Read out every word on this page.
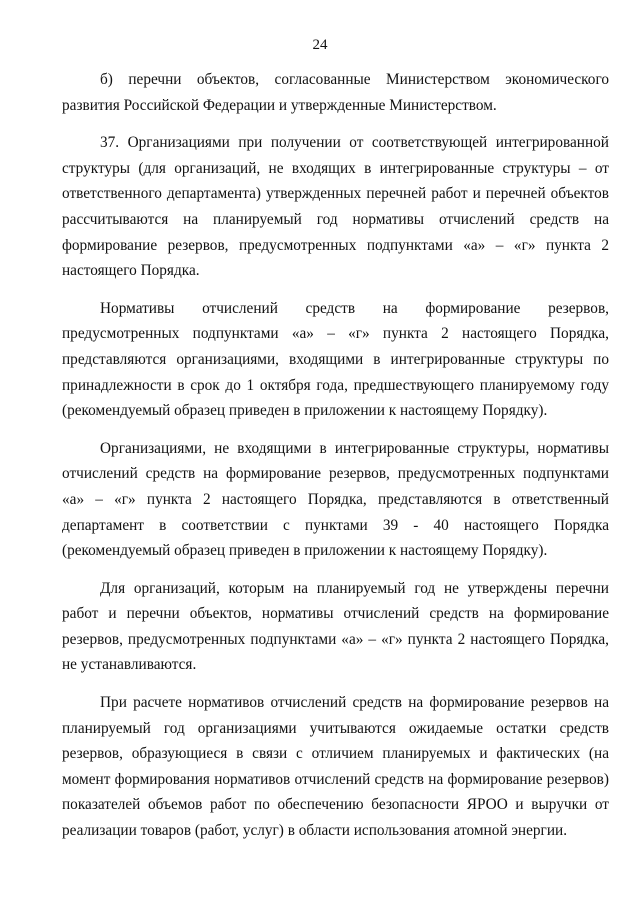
24

б) перечни объектов, согласованные Министерством экономического развития Российской Федерации и утвержденные Министерством.

37. Организациями при получении от соответствующей интегрированной структуры (для организаций, не входящих в интегрированные структуры – от ответственного департамента) утвержденных перечней работ и перечней объектов рассчитываются на планируемый год нормативы отчислений средств на формирование резервов, предусмотренных подпунктами «а» – «г» пункта 2 настоящего Порядка.

Нормативы отчислений средств на формирование резервов, предусмотренных подпунктами «а» – «г» пункта 2 настоящего Порядка, представляются организациями, входящими в интегрированные структуры по принадлежности в срок до 1 октября года, предшествующего планируемому году (рекомендуемый образец приведен в приложении к настоящему Порядку).

Организациями, не входящими в интегрированные структуры, нормативы отчислений средств на формирование резервов, предусмотренных подпунктами «а» – «г» пункта 2 настоящего Порядка, представляются в ответственный департамент в соответствии с пунктами 39 - 40 настоящего Порядка (рекомендуемый образец приведен в приложении к настоящему Порядку).

Для организаций, которым на планируемый год не утверждены перечни работ и перечни объектов, нормативы отчислений средств на формирование резервов, предусмотренных подпунктами «а» – «г» пункта 2 настоящего Порядка, не устанавливаются.

При расчете нормативов отчислений средств на формирование резервов на планируемый год организациями учитываются ожидаемые остатки средств резервов, образующиеся в связи с отличием планируемых и фактических (на момент формирования нормативов отчислений средств на формирование резервов) показателей объемов работ по обеспечению безопасности ЯРОО и выручки от реализации товаров (работ, услуг) в области использования атомной энергии.
